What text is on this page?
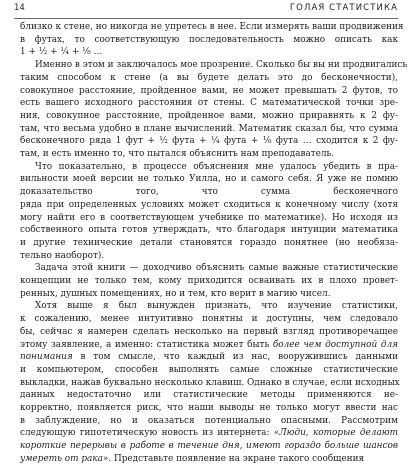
14	ГОЛАЯ СТАТИСТИКА
близко к стене, но никогда не упретесь в нее. Если измерять ваши продвижения
в футах, то соответствующую последовательность можно описать как
1 + ½ + ¼ + ⅛ …
Именно в этом и заключалось мое прозрение. Сколько бы вы ни продвигались
таким способом к стене (а вы будете делать это до бесконечности),
совокупное расстояние, пройденное вами, не может превышать 2 футов, то
есть вашего исходного расстояния от стены. С математической точки зре-
ния, совокупное расстояние, пройденное вами, можно приравнять к 2 фу-
там, что весьма удобно в плане вычислений. Математик сказал бы, что сумма
бесконечного ряда 1 фут + ½ фута + ¼ фута + ⅛ фута … сходится к 2 фу-
там, и есть именно то, что пытался объяснить нам преподаватель.
Что показательно, в процессе объяснения мне удалось убедить в пра-
вильности моей версии не только Уилла, но и самого себя. Я уже не помню
доказательство того, что сумма бесконечного
ряда при определенных условиях может сходиться к конечному числу (хотя
могу найти его в соответствующем учебнике по математике). Но исходя из
собственного опыта готов утверждать, что благодаря интуиции математика
и другие технические детали становятся гораздо понятнее (но необяза-
тельно наоборот).
Задача этой книги — доходчиво объяснить самые важные статистические
концепции не только тем, кому приходится осваивать их в плохо провет-
ренных, душных помещениях, но и тем, кто верит в магию чисел.
Хотя выше я был вынужден признать, что изучение статистики,
к сожалению, менее интуитивно понятны и доступны, чем следовало
бы, сейчас я намерен сделать несколько на первый взгляд противоречащее
этому заявление, а именно: статистика может быть более чем доступной для
понимания в том смысле, что каждый из нас, вооружившись данными
и компьютером, способен выполнять самые сложные статистические
выкладки, нажав буквально несколько клавиш. Однако в случае, если исходных
данных недостаточно или статистические методы применяются не-
корректно, появляется риск, что наши выводы не только могут ввести нас
в заблуждение, но и оказаться потенциально опасными. Рассмотрим
следующую гипотетическую новость из интернета: «Люди, которые делают
короткие перерывы в работе в течение дня, имеют гораздо больше шансов
умереть от рака». Представьте появление на экране такого сообщения
